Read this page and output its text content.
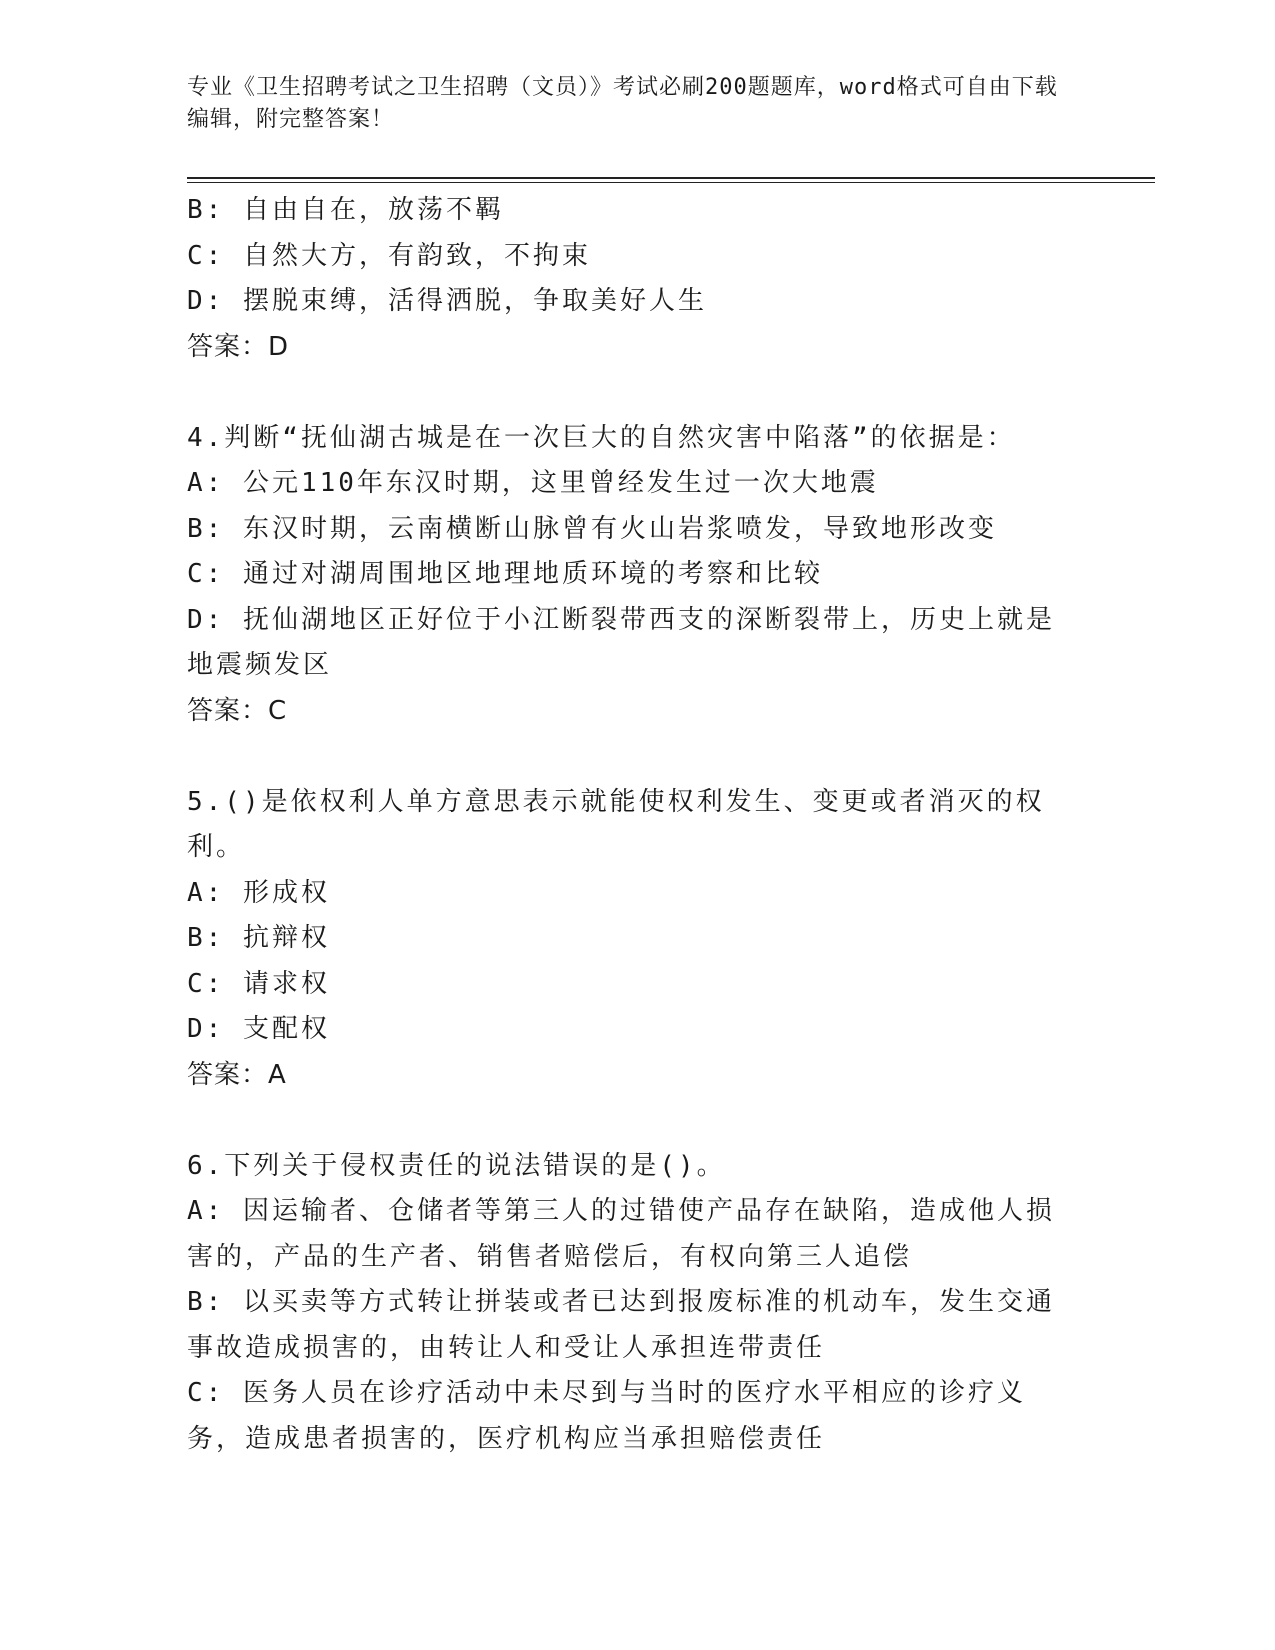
专业《卫生招聘考试之卫生招聘（文员）》考试必刷200题题库，word格式可自由下载编辑，附完整答案！
B: 自由自在，放荡不羁
C: 自然大方，有韵致，不拘束
D: 摆脱束缚，活得洒脱，争取美好人生
答案：D
4.判断“抚仙湖古城是在一次巨大的自然灾害中陷落”的依据是：
A: 公元110年东汉时期，这里曾经发生过一次大地震
B: 东汉时期，云南横断山脉曾有火山岩浆喷发，导致地形改变
C: 通过对湖周围地区地理地质环境的考察和比较
D: 抚仙湖地区正好位于小江断裂带西支的深断裂带上，历史上就是地震频发区
答案：C
5.()是依权利人单方意思表示就能使权利发生、变更或者消灭的权利。
A: 形成权
B: 抗辩权
C: 请求权
D: 支配权
答案：A
6.下列关于侵权责任的说法错误的是()。
A: 因运输者、仓储者等第三人的过错使产品存在缺陷，造成他人损害的，产品的生产者、销售者赔偿后，有权向第三人追偿
B: 以买卖等方式转让拼装或者已达到报废标准的机动车，发生交通事故造成损害的，由转让人和受让人承担连带责任
C: 医务人员在诊疗活动中未尽到与当时的医疗水平相应的诊疗义务，造成患者损害的，医疗机构应当承担赔偿责任
